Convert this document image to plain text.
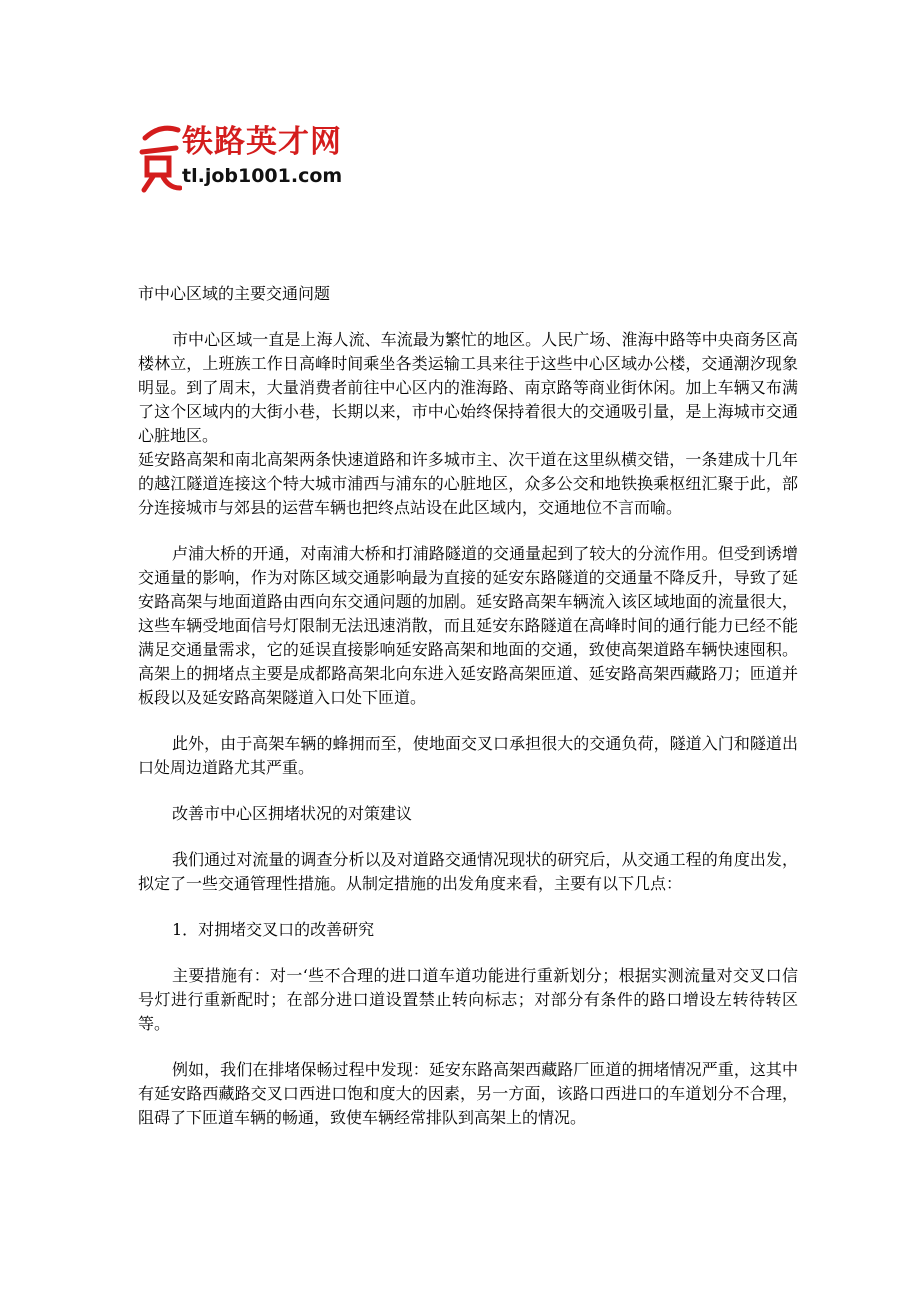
铁路英才网
tl.job1001.com

市中心区域的主要交通问题

市中心区域一直是上海人流、车流最为繁忙的地区。人民广场、淮海中路等中央商务区高楼林立，上班族工作日高峰时间乘坐各类运输工具来往于这些中心区域办公楼，交通潮汐现象明显。到了周末，大量消费者前往中心区内的淮海路、南京路等商业街休闲。加上车辆又布满了这个区域内的大街小巷，长期以来，市中心始终保持着很大的交通吸引量，是上海城市交通心脏地区。

延安路高架和南北高架两条快速道路和许多城市主、次干道在这里纵横交错，一条建成十几年的越江隧道连接这个特大城市浦西与浦东的心脏地区，众多公交和地铁换乘枢纽汇聚于此，部分连接城市与郊县的运营车辆也把终点站设在此区域内，交通地位不言而喻。

卢浦大桥的开通，对南浦大桥和打浦路隧道的交通量起到了较大的分流作用。但受到诱增交通量的影响，作为对陈区域交通影响最为直接的延安东路隧道的交通量不降反升，导致了延安路高架与地面道路由西向东交通问题的加剧。延安路高架车辆流入该区域地面的流量很大，这些车辆受地面信号灯限制无法迅速消散，而且延安东路隧道在高峰时间的通行能力已经不能满足交通量需求，它的延误直接影响延安路高架和地面的交通，致使高架道路车辆快速囤积。高架上的拥堵点主要是成都路高架北向东进入延安路高架匝道、延安路高架西藏路刀；匝道并板段以及延安路高架隧道入口处下匝道。

此外，由于高架车辆的蜂拥而至，使地面交叉口承担很大的交通负荷，隧道入门和隧道出口处周边道路尤其严重。

改善市中心区拥堵状况的对策建议

我们通过对流量的调查分析以及对道路交通情况现状的研究后，从交通工程的角度出发，拟定了一些交通管理性措施。从制定措施的出发角度来看，主要有以下几点：

1．对拥堵交叉口的改善研究

主要措施有：对一‘些不合理的进口道车道功能进行重新划分；根据实测流量对交叉口信号灯进行重新配时；在部分进口道设置禁止转向标志；对部分有条件的路口增设左转待转区等。

例如，我们在排堵保畅过程中发现：延安东路高架西藏路厂匝道的拥堵情况严重，这其中有延安路西藏路交叉口西进口饱和度大的因素，另一方面，该路口西进口的车道划分不合理，阻碍了下匝道车辆的畅通，致使车辆经常排队到高架上的情况。
